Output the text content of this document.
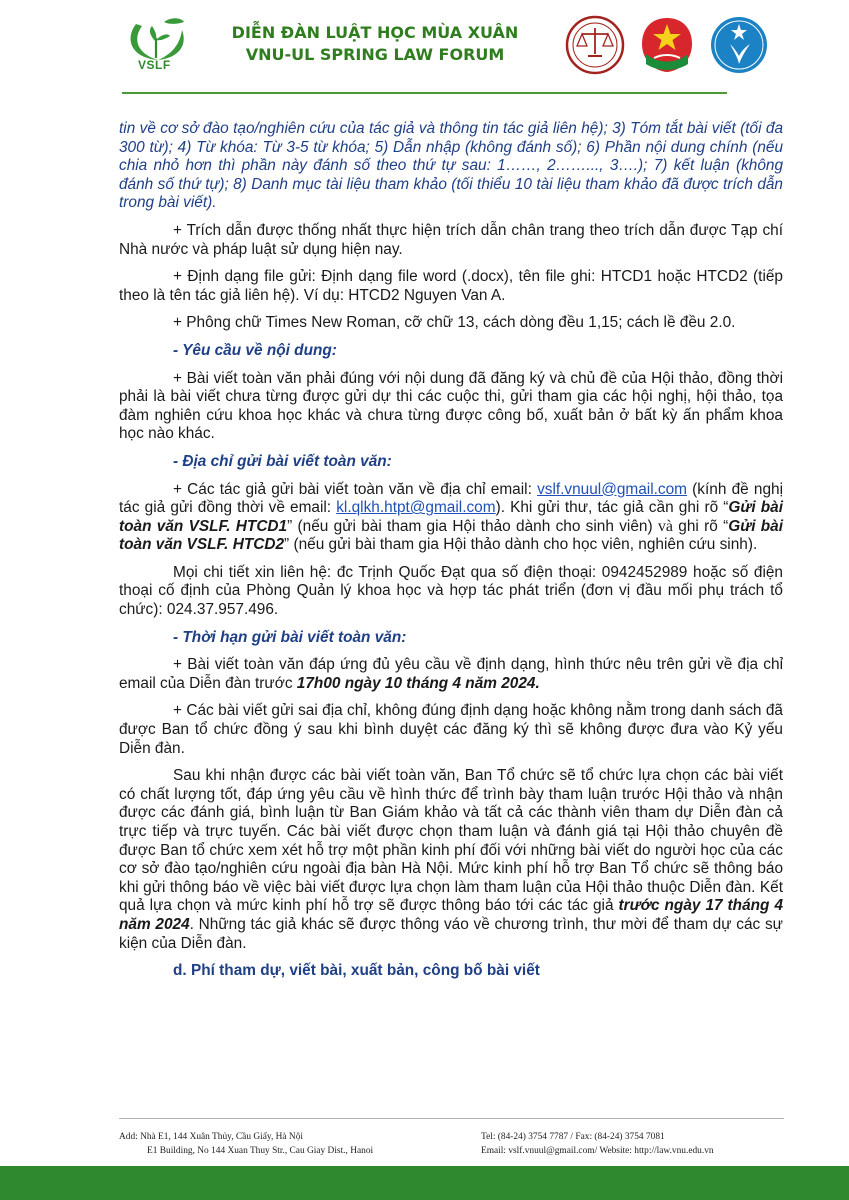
VSLF
DIỄN ĐÀN LUẬT HỌC MÙA XUÂN
VNU-UL SPRING LAW FORUM

tin về cơ sở đào tạo/nghiên cứu của tác giả và thông tin tác giả liên hệ); 3) Tóm tắt bài viết (tối đa 300 từ); 4) Từ khóa: Từ 3-5 từ khóa; 5) Dẫn nhập (không đánh số); 6) Phần nội dung chính (nếu chia nhỏ hơn thì phần này đánh số theo thứ tự sau: 1……, 2……..., 3….); 7) kết luận (không đánh số thứ tự); 8) Danh mục tài liệu tham khảo (tối thiểu 10 tài liệu tham khảo đã được trích dẫn trong bài viết).

+ Trích dẫn được thống nhất thực hiện trích dẫn chân trang theo trích dẫn được Tạp chí Nhà nước và pháp luật sử dụng hiện nay.

+ Định dạng file gửi: Định dạng file word (.docx), tên file ghi: HTCD1 hoặc HTCD2 (tiếp theo là tên tác giả liên hệ). Ví dụ: HTCD2 Nguyen Van A.

+ Phông chữ Times New Roman, cỡ chữ 13, cách dòng đều 1,15; cách lề đều 2.0.

- Yêu cầu về nội dung:

+ Bài viết toàn văn phải đúng với nội dung đã đăng ký và chủ đề của Hội thảo, đồng thời phải là bài viết chưa từng được gửi dự thi các cuộc thi, gửi tham gia các hội nghị, hội thảo, tọa đàm nghiên cứu khoa học khác và chưa từng được công bố, xuất bản ở bất kỳ ấn phẩm khoa học nào khác.

- Địa chỉ gửi bài viết toàn văn:

+ Các tác giả gửi bài viết toàn văn về địa chỉ email: vslf.vnuul@gmail.com (kính đề nghị tác giả gửi đồng thời về email: kl.qlkh.htpt@gmail.com). Khi gửi thư, tác giả cần ghi rõ “Gửi bài toàn văn VSLF. HTCD1” (nếu gửi bài tham gia Hội thảo dành cho sinh viên) và ghi rõ “Gửi bài toàn văn VSLF. HTCD2” (nếu gửi bài tham gia Hội thảo dành cho học viên, nghiên cứu sinh).

Mọi chi tiết xin liên hệ: đc Trịnh Quốc Đạt qua số điện thoại: 0942452989 hoặc số điện thoại cố định của Phòng Quản lý khoa học và hợp tác phát triển (đơn vị đầu mối phụ trách tổ chức): 024.37.957.496.

- Thời hạn gửi bài viết toàn văn:

+ Bài viết toàn văn đáp ứng đủ yêu cầu về định dạng, hình thức nêu trên gửi về địa chỉ email của Diễn đàn trước 17h00 ngày 10 tháng 4 năm 2024.

+ Các bài viết gửi sai địa chỉ, không đúng định dạng hoặc không nằm trong danh sách đã được Ban tổ chức đồng ý sau khi bình duyệt các đăng ký thì sẽ không được đưa vào Kỷ yếu Diễn đàn.

Sau khi nhận được các bài viết toàn văn, Ban Tổ chức sẽ tổ chức lựa chọn các bài viết có chất lượng tốt, đáp ứng yêu cầu về hình thức để trình bày tham luận trước Hội thảo và nhận được các đánh giá, bình luận từ Ban Giám khảo và tất cả các thành viên tham dự Diễn đàn cả trực tiếp và trực tuyến. Các bài viết được chọn tham luận và đánh giá tại Hội thảo chuyên đề được Ban tổ chức xem xét hỗ trợ một phần kinh phí đối với những bài viết do người học của các cơ sở đào tạo/nghiên cứu ngoài địa bàn Hà Nội. Mức kinh phí hỗ trợ Ban Tổ chức sẽ thông báo khi gửi thông báo về việc bài viết được lựa chọn làm tham luận của Hội thảo thuộc Diễn đàn. Kết quả lựa chọn và mức kinh phí hỗ trợ sẽ được thông báo tới các tác giả trước ngày 17 tháng 4 năm 2024. Những tác giả khác sẽ được thông váo về chương trình, thư mời để tham dự các sự kiện của Diễn đàn.

d. Phí tham dự, viết bài, xuất bản, công bố bài viết

Add: Nhà E1, 144 Xuân Thủy, Cầu Giấy, Hà Nội
E1 Building, No 144 Xuan Thuy Str., Cau Giay Dist., Hanoi
Tel: (84-24) 3754 7787 / Fax: (84-24) 3754 7081
Email: vslf.vnuul@gmail.com/ Website: http://law.vnu.edu.vn
